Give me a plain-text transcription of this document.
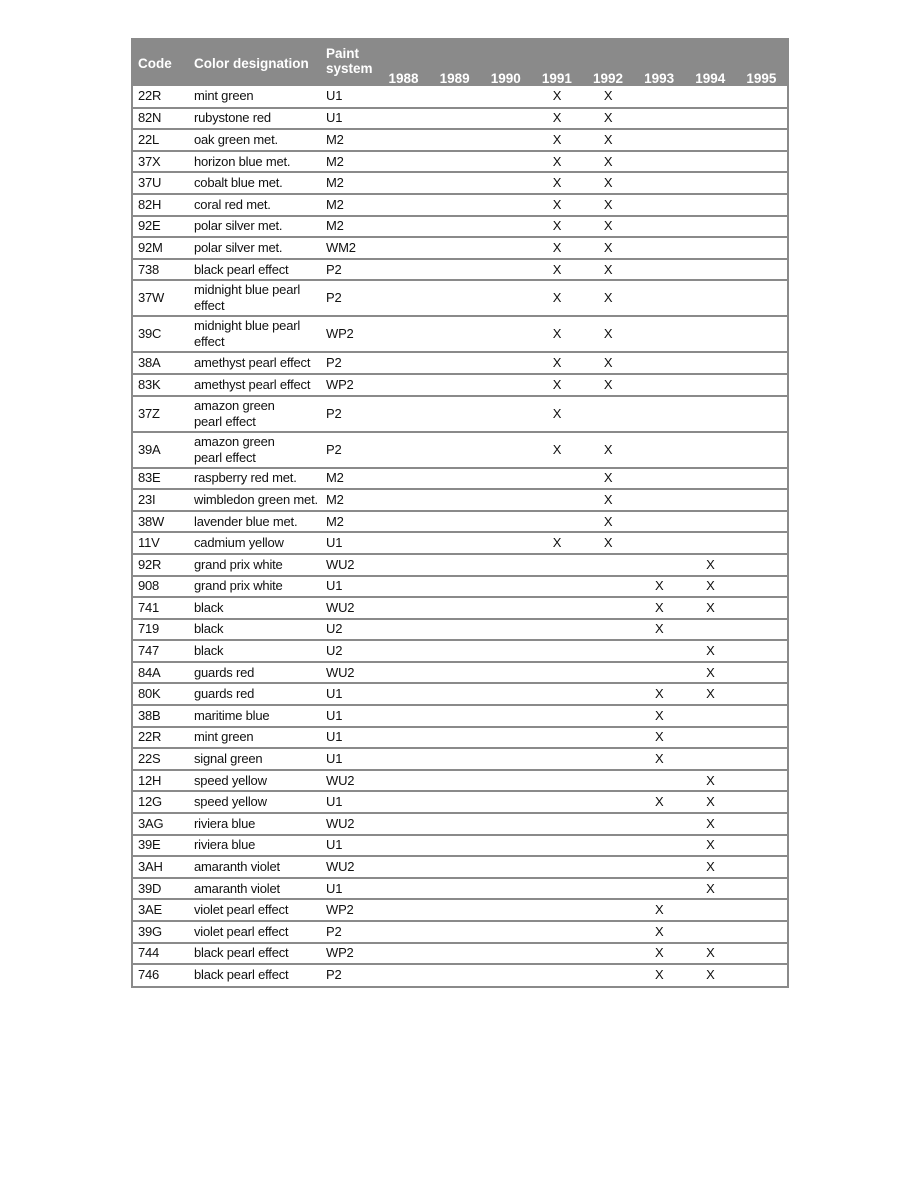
Code	Color designation	Paint
system	1988	1989	1990	1991	1992	1993	1994	1995
22R	mint green	U1				X	X			
82N	rubystone red	U1				X	X			
22L	oak green met.	M2				X	X			
37X	horizon blue met.	M2				X	X			
37U	cobalt blue met.	M2				X	X			
82H	coral red met.	M2				X	X			
92E	polar silver met.	M2				X	X			
92M	polar silver met.	WM2				X	X			
738	black pearl effect	P2				X	X			
37W	midnight blue pearl
effect	P2				X	X			
39C	midnight blue pearl
effect	WP2				X	X			
38A	amethyst pearl effect	P2				X	X			
83K	amethyst pearl effect	WP2				X	X			
37Z	amazon green
pearl effect	P2				X				
39A	amazon green
pearl effect	P2				X	X			
83E	raspberry red met.	M2					X			
23I	wimbledon green met.	M2					X			
38W	lavender blue met.	M2					X			
11V	cadmium yellow	U1				X	X			
92R	grand prix white	WU2							X	
908	grand prix white	U1						X	X	
741	black	WU2						X	X	
719	black	U2						X		
747	black	U2							X	
84A	guards red	WU2							X	
80K	guards red	U1						X	X	
38B	maritime blue	U1						X		
22R	mint green	U1						X		
22S	signal green	U1						X		
12H	speed yellow	WU2							X	
12G	speed yellow	U1						X	X	
3AG	riviera blue	WU2							X	
39E	riviera blue	U1							X	
3AH	amaranth violet	WU2							X	
39D	amaranth violet	U1							X	
3AE	violet pearl effect	WP2						X		
39G	violet pearl effect	P2						X		
744	black pearl effect	WP2						X	X	
746	black pearl effect	P2						X	X	
